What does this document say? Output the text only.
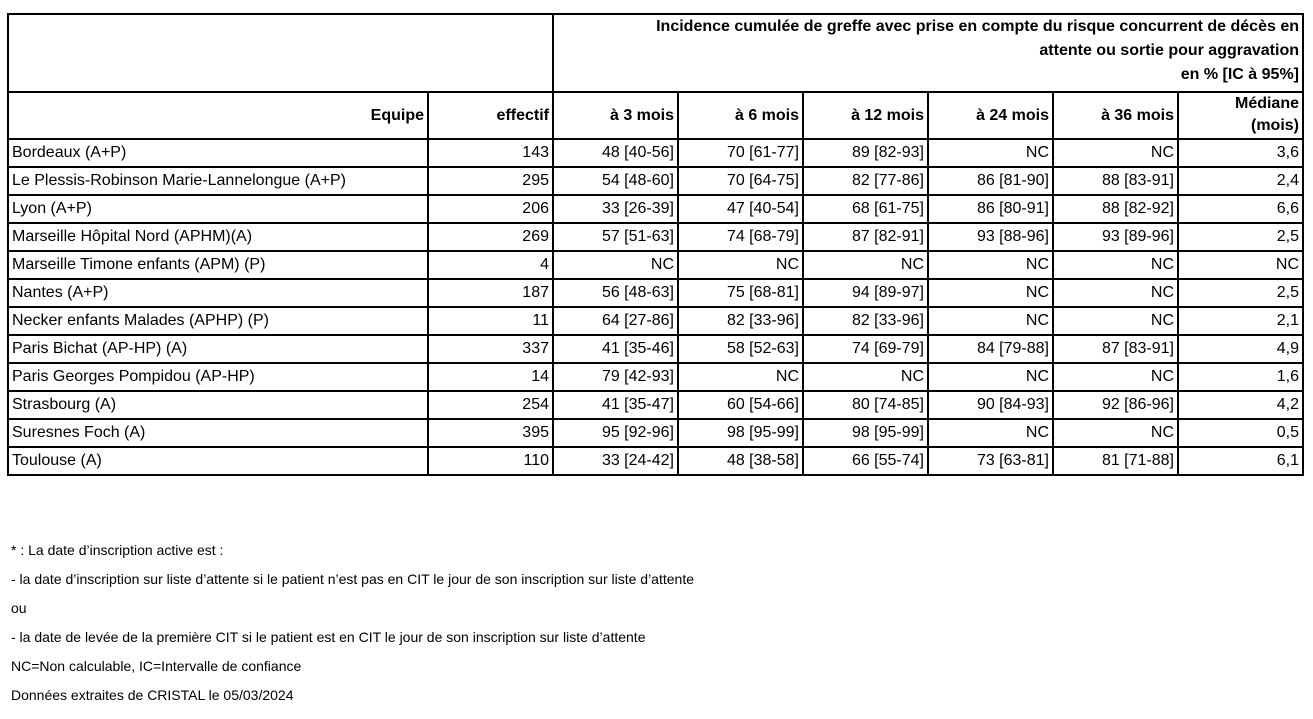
		Incidence cumulée de greffe avec prise en compte du risque concurrent de décès en
attente ou sortie pour aggravation
en % [IC à 95%]					

Equipe	effectif	à 3 mois	à 6 mois	à 12 mois	à 24 mois	à 36 mois	Médiane
(mois)

Bordeaux (A+P)	143	48 [40-56]	70 [61-77]	89 [82-93]	NC	NC	3,6
Le Plessis-Robinson Marie-Lannelongue (A+P)	295	54 [48-60]	70 [64-75]	82 [77-86]	86 [81-90]	88 [83-91]	2,4
Lyon (A+P)	206	33 [26-39]	47 [40-54]	68 [61-75]	86 [80-91]	88 [82-92]	6,6
Marseille Hôpital Nord (APHM)(A)	269	57 [51-63]	74 [68-79]	87 [82-91]	93 [88-96]	93 [89-96]	2,5
Marseille Timone enfants (APM) (P)	4	NC	NC	NC	NC	NC	NC
Nantes (A+P)	187	56 [48-63]	75 [68-81]	94 [89-97]	NC	NC	2,5
Necker enfants Malades (APHP) (P)	11	64 [27-86]	82 [33-96]	82 [33-96]	NC	NC	2,1
Paris Bichat (AP-HP) (A)	337	41 [35-46]	58 [52-63]	74 [69-79]	84 [79-88]	87 [83-91]	4,9
Paris Georges Pompidou (AP-HP)	14	79 [42-93]	NC	NC	NC	NC	1,6
Strasbourg (A)	254	41 [35-47]	60 [54-66]	80 [74-85]	90 [84-93]	92 [86-96]	4,2
Suresnes Foch (A)	395	95 [92-96]	98 [95-99]	98 [95-99]	NC	NC	0,5
Toulouse (A)	110	33 [24-42]	48 [38-58]	66 [55-74]	73 [63-81]	81 [71-88]	6,1
* : La date d’inscription active est :
- la date d’inscription sur liste d’attente si le patient n’est pas en CIT le jour de son inscription sur liste d’attente
ou
- la date de levée de la première CIT si le patient est en CIT le jour de son inscription sur liste d’attente
NC=Non calculable, IC=Intervalle de confiance
Données extraites de CRISTAL le 05/03/2024
